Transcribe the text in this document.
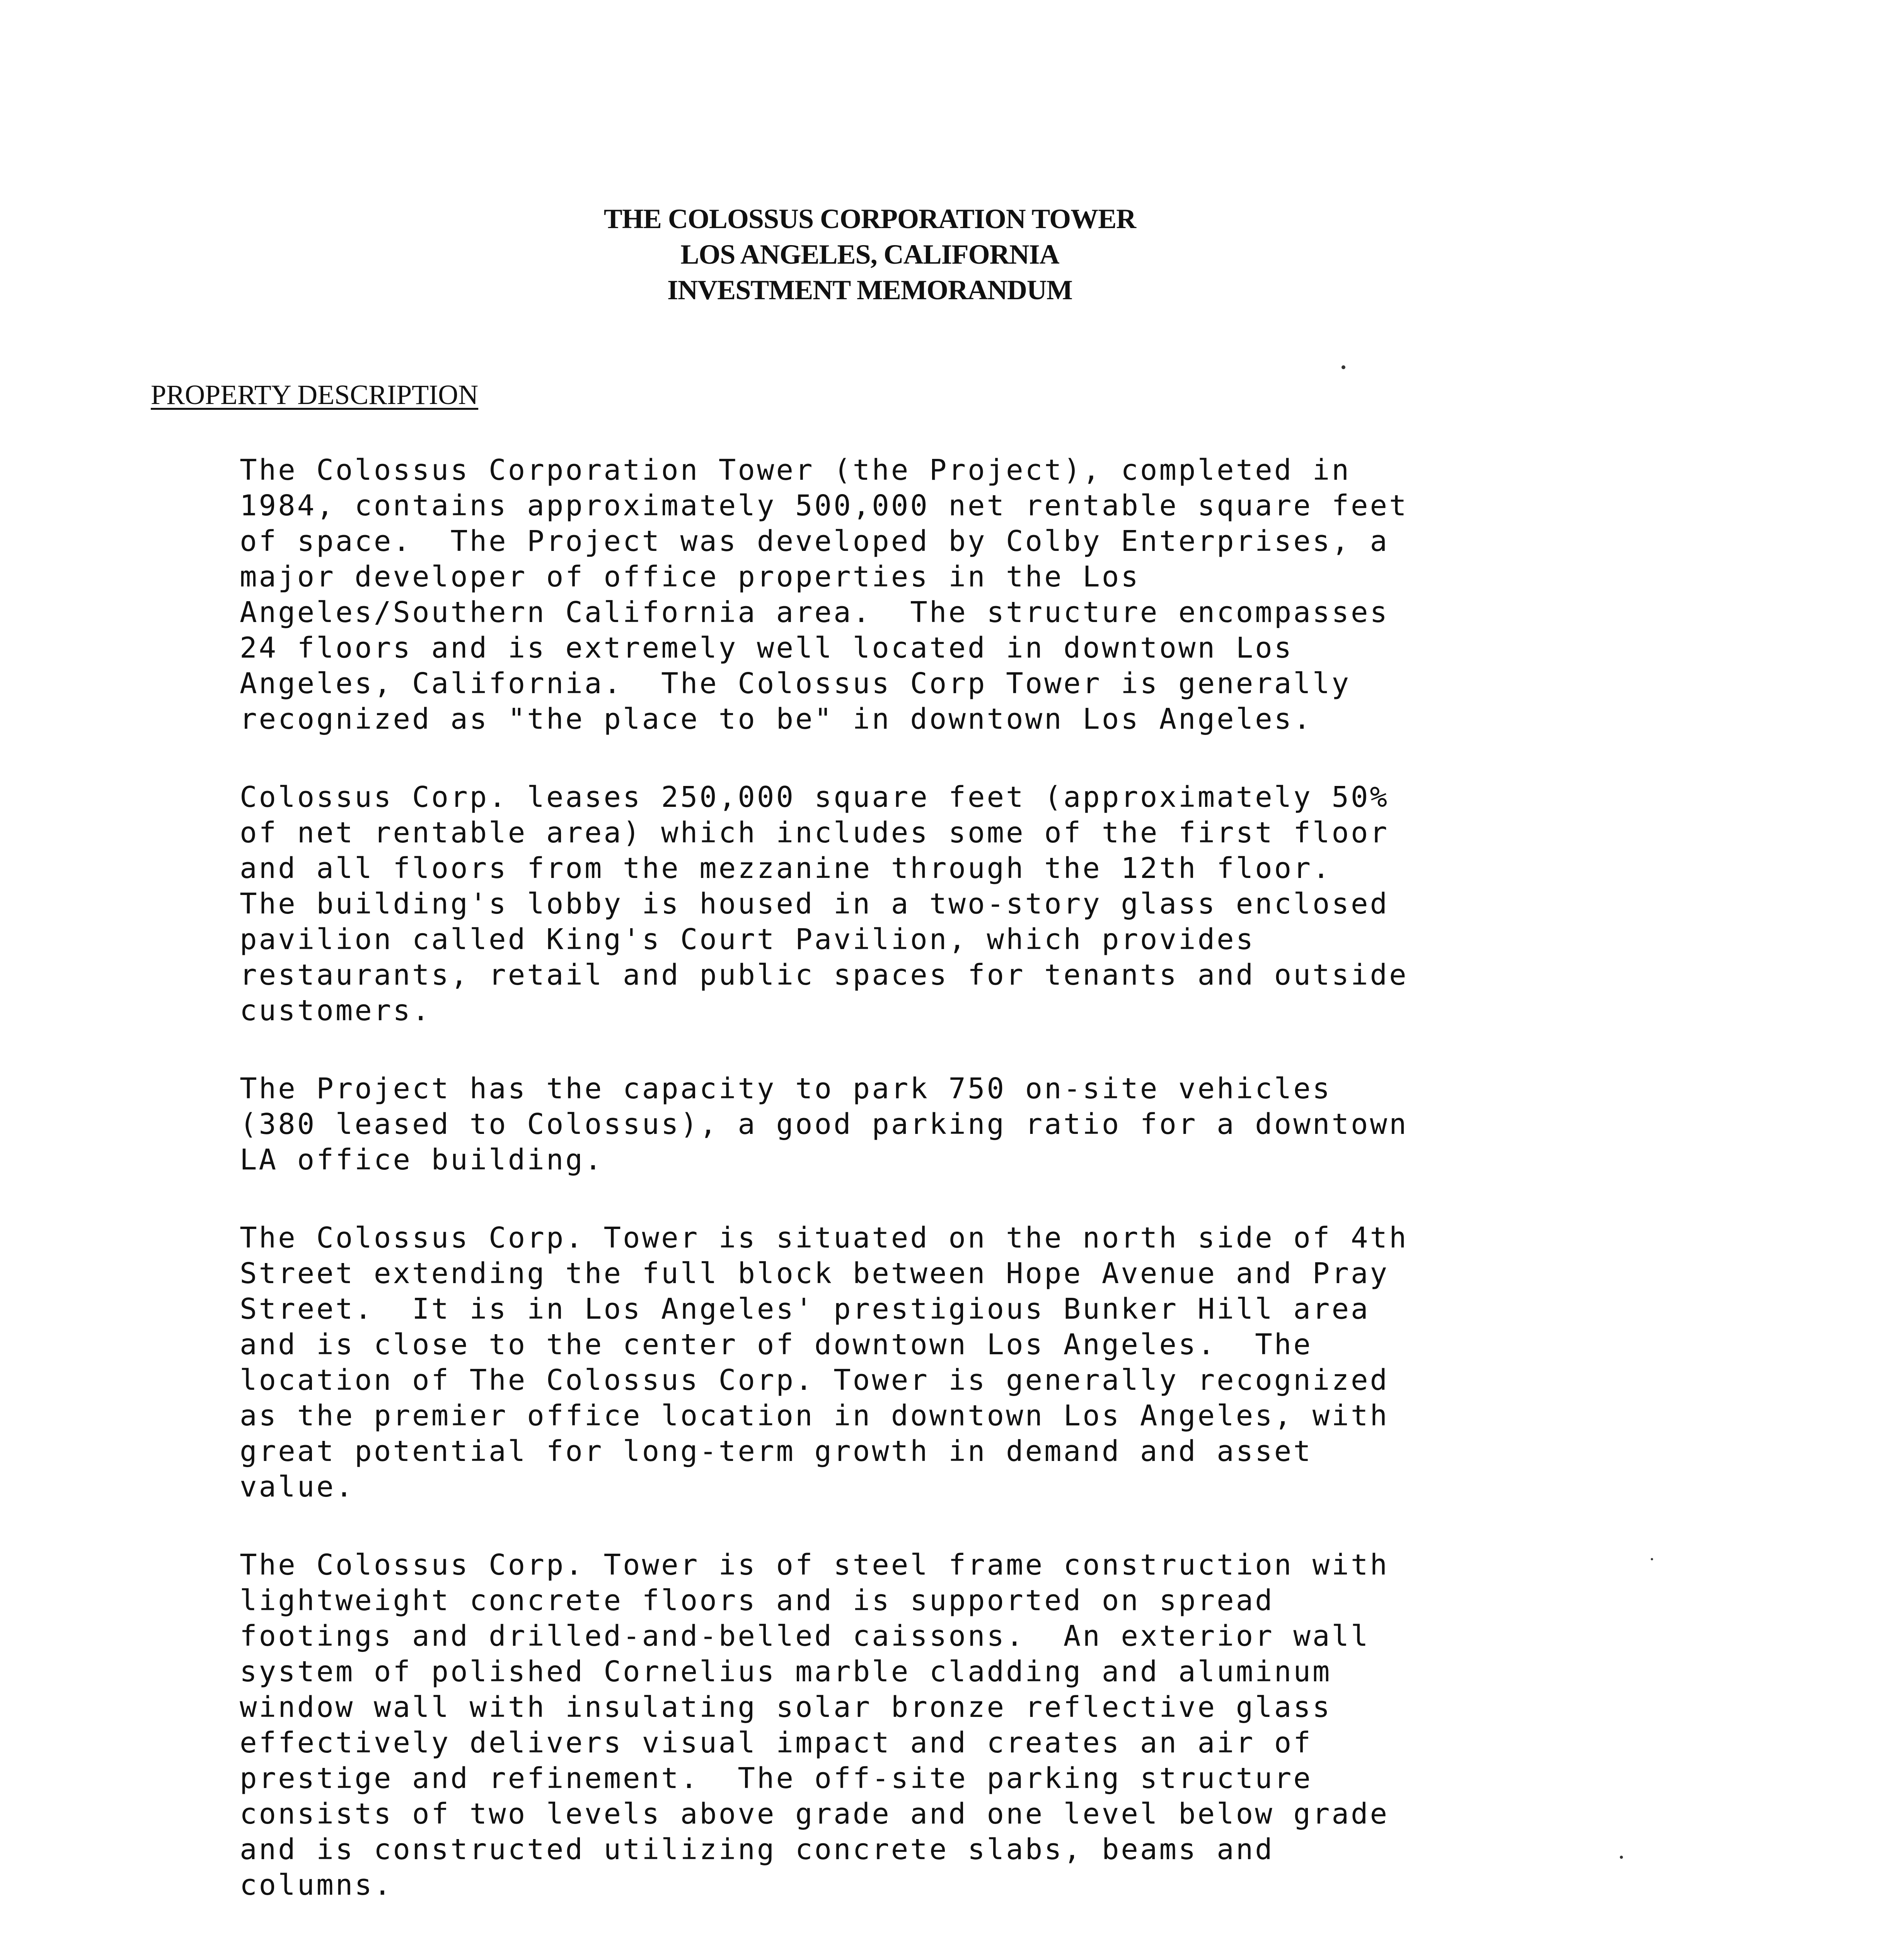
THE COLOSSUS CORPORATION TOWER
LOS ANGELES, CALIFORNIA
INVESTMENT MEMORANDUM
PROPERTY DESCRIPTION
The Colossus Corporation Tower (the Project), completed in
1984, contains approximately 500,000 net rentable square feet
of space.  The Project was developed by Colby Enterprises, a
major developer of office properties in the Los
Angeles/Southern California area.  The structure encompasses
24 floors and is extremely well located in downtown Los
Angeles, California.  The Colossus Corp Tower is generally
recognized as "the place to be" in downtown Los Angeles.
Colossus Corp. leases 250,000 square feet (approximately 50%
of net rentable area) which includes some of the first floor
and all floors from the mezzanine through the 12th floor.
The building's lobby is housed in a two-story glass enclosed
pavilion called King's Court Pavilion, which provides
restaurants, retail and public spaces for tenants and outside
customers.
The Project has the capacity to park 750 on-site vehicles
(380 leased to Colossus), a good parking ratio for a downtown
LA office building.
The Colossus Corp. Tower is situated on the north side of 4th
Street extending the full block between Hope Avenue and Pray
Street.  It is in Los Angeles' prestigious Bunker Hill area
and is close to the center of downtown Los Angeles.  The
location of The Colossus Corp. Tower is generally recognized
as the premier office location in downtown Los Angeles, with
great potential for long-term growth in demand and asset
value.
The Colossus Corp. Tower is of steel frame construction with
lightweight concrete floors and is supported on spread
footings and drilled-and-belled caissons.  An exterior wall
system of polished Cornelius marble cladding and aluminum
window wall with insulating solar bronze reflective glass
effectively delivers visual impact and creates an air of
prestige and refinement.  The off-site parking structure
consists of two levels above grade and one level below grade
and is constructed utilizing concrete slabs, beams and
columns.
